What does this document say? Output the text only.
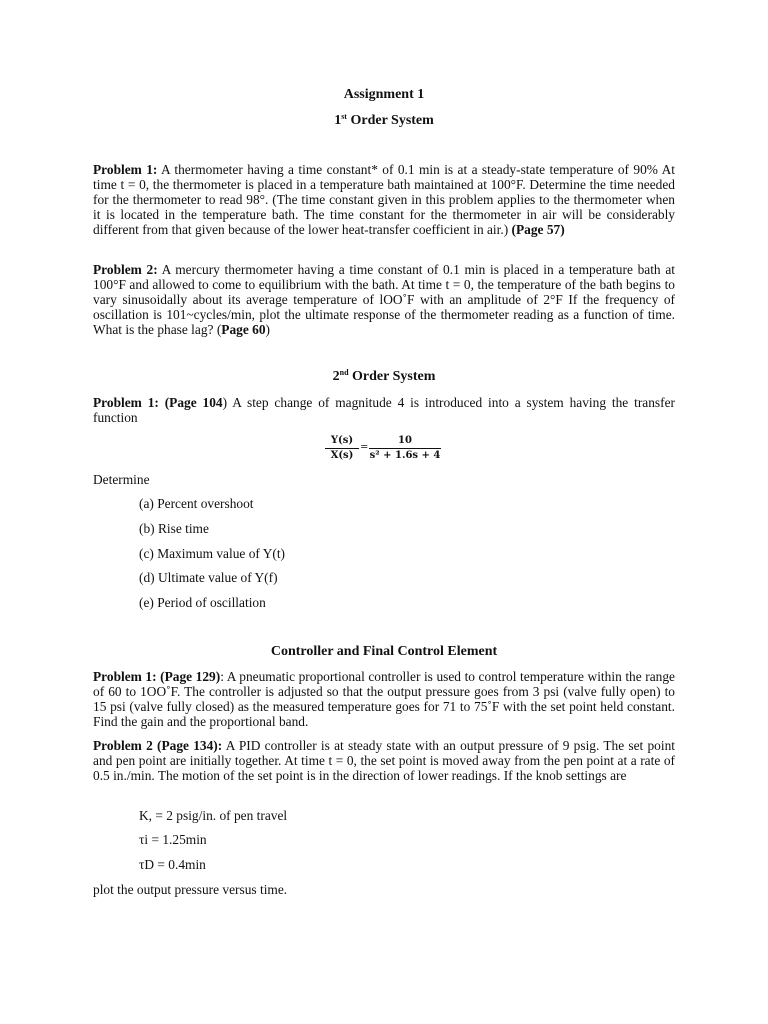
Assignment 1
1st Order System
Problem 1: A thermometer having a time constant* of 0.1 min is at a steady-state temperature of 90% At time t = 0, the thermometer is placed in a temperature bath maintained at 100°F. Determine the time needed for the thermometer to read 98°. (The time constant given in this problem applies to the thermometer when it is located in the temperature bath. The time constant for the thermometer in air will be considerably different from that given because of the lower heat-transfer coefficient in air.) (Page 57)
Problem 2: A mercury thermometer having a time constant of 0.1 min is placed in a temperature bath at 100°F and allowed to come to equilibrium with the bath. At time t = 0, the temperature of the bath begins to vary sinusoidally about its average temperature of lOO˚F with an amplitude of 2°F If the frequency of oscillation is 101~cycles/min, plot the ultimate response of the thermometer reading as a function of time. What is the phase lag? (Page 60)
2nd Order System
Problem 1: (Page 104) A step change of magnitude 4 is introduced into a system having the transfer function
Y(s)
X(s)
=
10
s² + 1.6s + 4
Determine
(a) Percent overshoot
(b) Rise time
(c) Maximum value of Y(t)
(d) Ultimate value of Y(f)
(e) Period of oscillation
Controller and Final Control Element
Problem 1: (Page 129): A pneumatic proportional controller is used to control temperature within the range of 60 to 1OO˚F. The controller is adjusted so that the output pressure goes from 3 psi (valve fully open) to 15 psi (valve fully closed) as the measured temperature goes for 71 to 75˚F with the set point held constant. Find the gain and the proportional band.
Problem 2 (Page 134): A PID controller is at steady state with an output pressure of 9 psig. The set point and pen point are initially together. At time t = 0, the set point is moved away from the pen point at a rate of 0.5 in./min. The motion of the set point is in the direction of lower readings. If the knob settings are
K, = 2 psig/in. of pen travel
τi = 1.25min
τD = 0.4min
plot the output pressure versus time.
